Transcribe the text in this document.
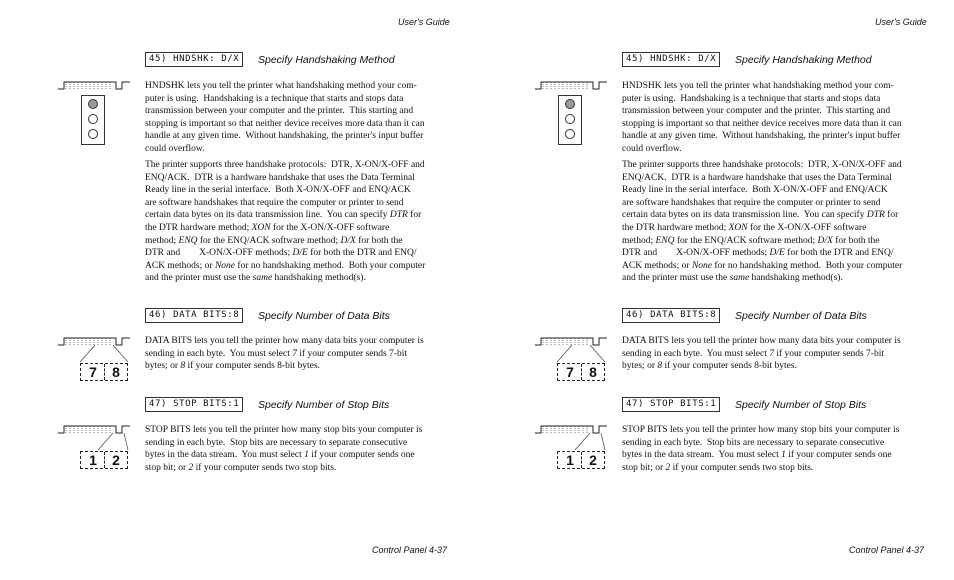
User's Guide
45) HNDSHK: D/X	Specify Handshaking Method

HNDSHK lets you tell the printer what handshaking method your com-
puter is using.  Handshaking is a technique that starts and stops data
transmission between your computer and the printer.  This starting and
stopping is important so that neither device receives more data than it can
handle at any given time.  Without handshaking, the printer's input buffer
could overflow.

The printer supports three handshake protocols:  DTR, X-ON/X-OFF and
ENQ/ACK.  DTR is a hardware handshake that uses the Data Terminal
Ready line in the serial interface.  Both X-ON/X-OFF and ENQ/ACK
are software handshakes that require the computer or printer to send
certain data bytes on its data transmission line.  You can specify DTR for
the DTR hardware method; XON for the X-ON/X-OFF software
method; ENQ for the ENQ/ACK software method; D/X for both the
DTR and        X-ON/X-OFF methods; D/E for both the DTR and ENQ/
ACK methods; or None for no handshaking method.  Both your computer
and the printer must use the same handshaking method(s).

46) DATA BITS:8	Specify Number of Data Bits
7	8

DATA BITS lets you tell the printer how many data bits your computer is
sending in each byte.  You must select 7 if your computer sends 7-bit
bytes; or 8 if your computer sends 8-bit bytes.

47) STOP BITS:1	Specify Number of Stop Bits
1	2

STOP BITS lets you tell the printer how many stop bits your computer is
sending in each byte.  Stop bits are necessary to separate consecutive
bytes in the data stream.  You must select 1 if your computer sends one
stop bit; or 2 if your computer sends two stop bits.

Control Panel 4-37
User's Guide
45) HNDSHK: D/X	Specify Handshaking Method

HNDSHK lets you tell the printer what handshaking method your com-
puter is using.  Handshaking is a technique that starts and stops data
transmission between your computer and the printer.  This starting and
stopping is important so that neither device receives more data than it can
handle at any given time.  Without handshaking, the printer's input buffer
could overflow.

The printer supports three handshake protocols:  DTR, X-ON/X-OFF and
ENQ/ACK.  DTR is a hardware handshake that uses the Data Terminal
Ready line in the serial interface.  Both X-ON/X-OFF and ENQ/ACK
are software handshakes that require the computer or printer to send
certain data bytes on its data transmission line.  You can specify DTR for
the DTR hardware method; XON for the X-ON/X-OFF software
method; ENQ for the ENQ/ACK software method; D/X for both the
DTR and        X-ON/X-OFF methods; D/E for both the DTR and ENQ/
ACK methods; or None for no handshaking method.  Both your computer
and the printer must use the same handshaking method(s).

46) DATA BITS:8	Specify Number of Data Bits
7	8

DATA BITS lets you tell the printer how many data bits your computer is
sending in each byte.  You must select 7 if your computer sends 7-bit
bytes; or 8 if your computer sends 8-bit bytes.

47) STOP BITS:1	Specify Number of Stop Bits
1	2

STOP BITS lets you tell the printer how many stop bits your computer is
sending in each byte.  Stop bits are necessary to separate consecutive
bytes in the data stream.  You must select 1 if your computer sends one
stop bit; or 2 if your computer sends two stop bits.

Control Panel 4-37
